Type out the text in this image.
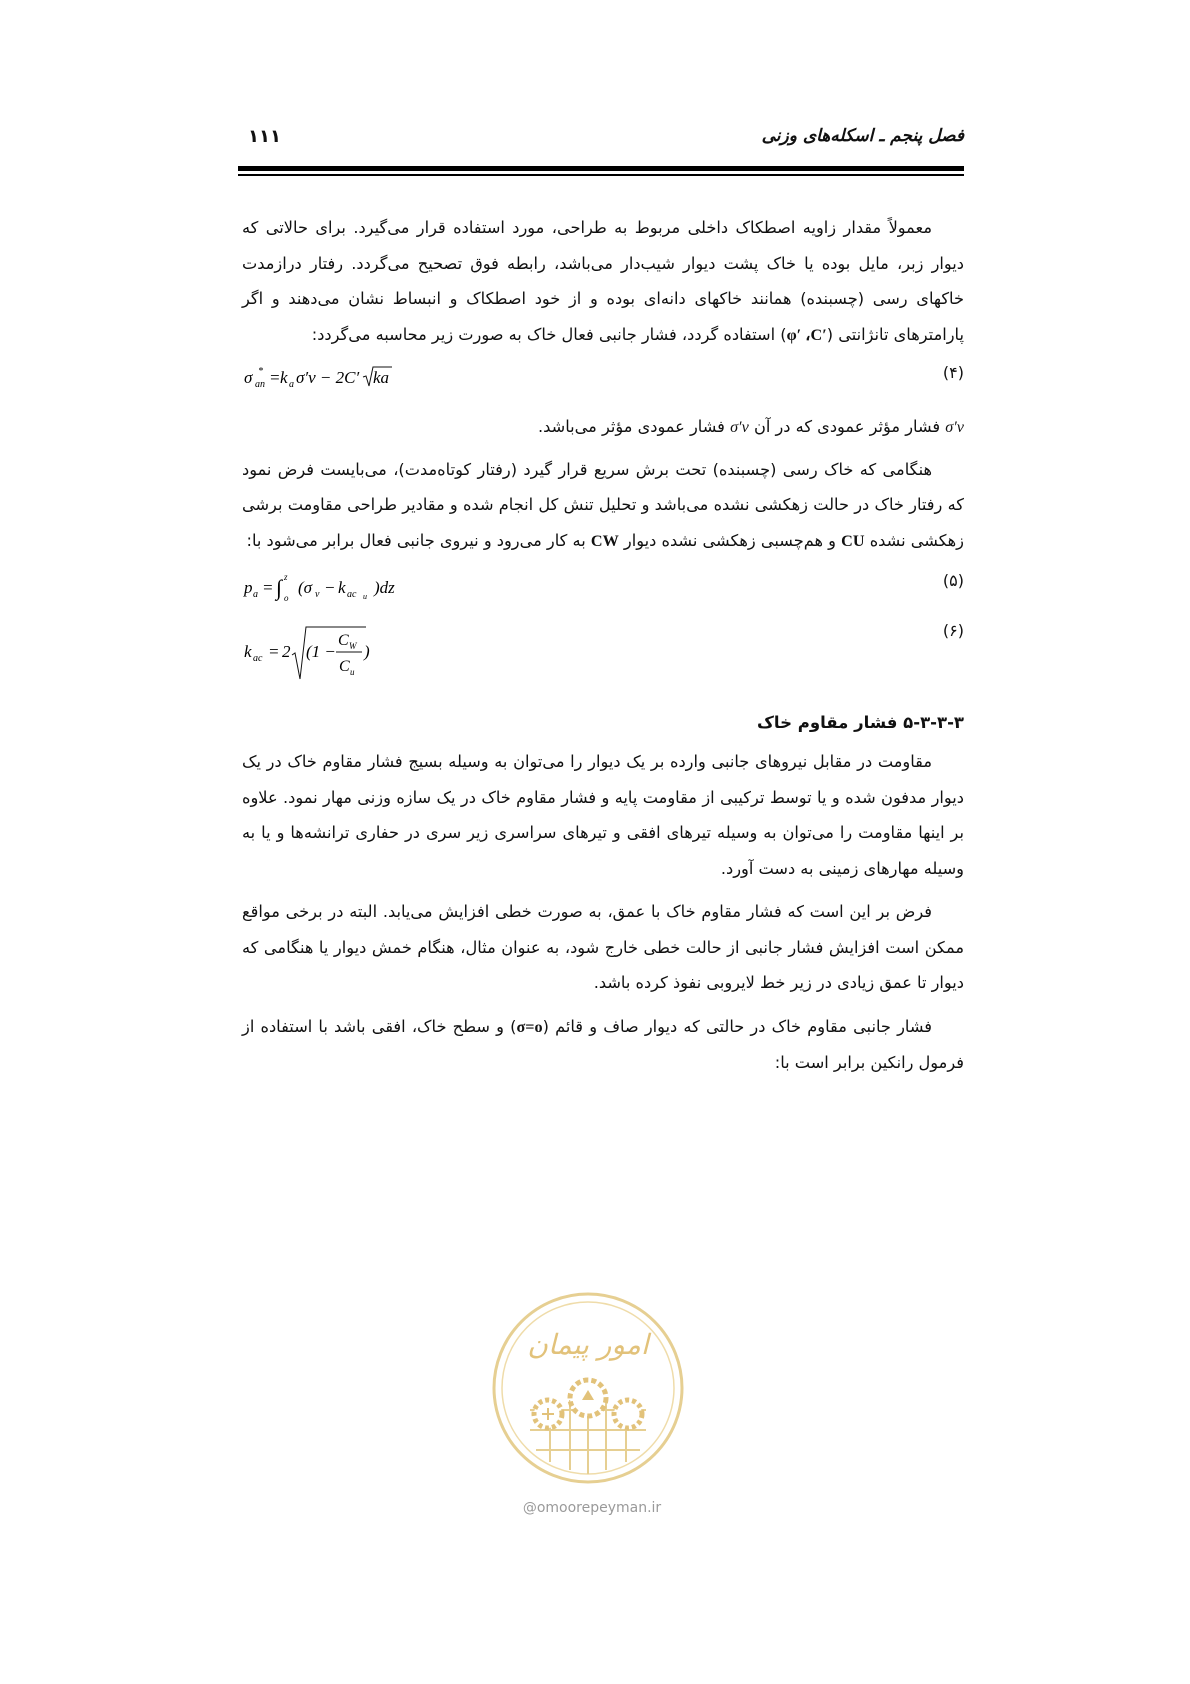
فصل پنجم ـ اسکله‌های وزنی
۱۱۱

معمولاً مقدار زاویه اصطکاک داخلی مربوط به طراحی، مورد استفاده قرار می‌گیرد. برای حالاتی که دیوار زبر، مایل بوده یا خاک پشت دیوار شیب‌دار می‌باشد، رابطه فوق تصحیح می‌گردد. رفتار درازمدت خاکهای رسی (چسبنده) همانند خاکهای دانه‌ای بوده و از خود اصطکاک و انبساط نشان می‌دهند و اگر پارامترهای تانژانتی (φ′ ،C′) استفاده گردد، فشار جانبی فعال خاک به صورت زیر محاسبه می‌گردد:

σ an
* = k a σ′v − 2C′ ka	(۴)

σ′v فشار مؤثر عمودی که در آن σ′v فشار عمودی مؤثر می‌باشد.

هنگامی که خاک رسی (چسبنده) تحت برش سریع قرار گیرد (رفتار کوتاه‌مدت)، می‌بایست فرض نمود که رفتار خاک در حالت زهکشی نشده می‌باشد و تحلیل تنش کل انجام شده و مقادیر طراحی مقاومت برشی زهکشی نشده CU و هم‌چسبی زهکشی نشده دیوار CW به کار می‌رود و نیروی جانبی فعال برابر می‌شود با:

p a = ∫ z
o
(σ v − k ac u )dz	(۵)
k ac = 2 (1 −
C W
C u
)
(۶)
۵-۳-۳-۳ فشار مقاوم خاک

مقاومت در مقابل نیروهای جانبی وارده بر یک دیوار را می‌توان به وسیله بسیج فشار مقاوم خاک در یک دیوار مدفون شده و یا توسط ترکیبی از مقاومت پایه و فشار مقاوم خاک در یک سازه وزنی مهار نمود. علاوه بر اینها مقاومت را می‌توان به وسیله تیرهای افقی و تیرهای سراسری زیر سری در حفاری ترانشه‌ها و یا به وسیله مهارهای زمینی به دست آورد.

فرض بر این است که فشار مقاوم خاک با عمق، به صورت خطی افزایش می‌یابد. البته در برخی مواقع ممکن است افزایش فشار جانبی از حالت خطی خارج شود، به عنوان مثال، هنگام خمش دیوار یا هنگامی که دیوار تا عمق زیادی در زیر خط لایروبی نفوذ کرده باشد.

فشار جانبی مقاوم خاک در حالتی که دیوار صاف و قائم (σ=o) و سطح خاک، افقی باشد با استفاده از فرمول رانکین برابر است با:

امور پیمان
@omoorepeyman.ir
